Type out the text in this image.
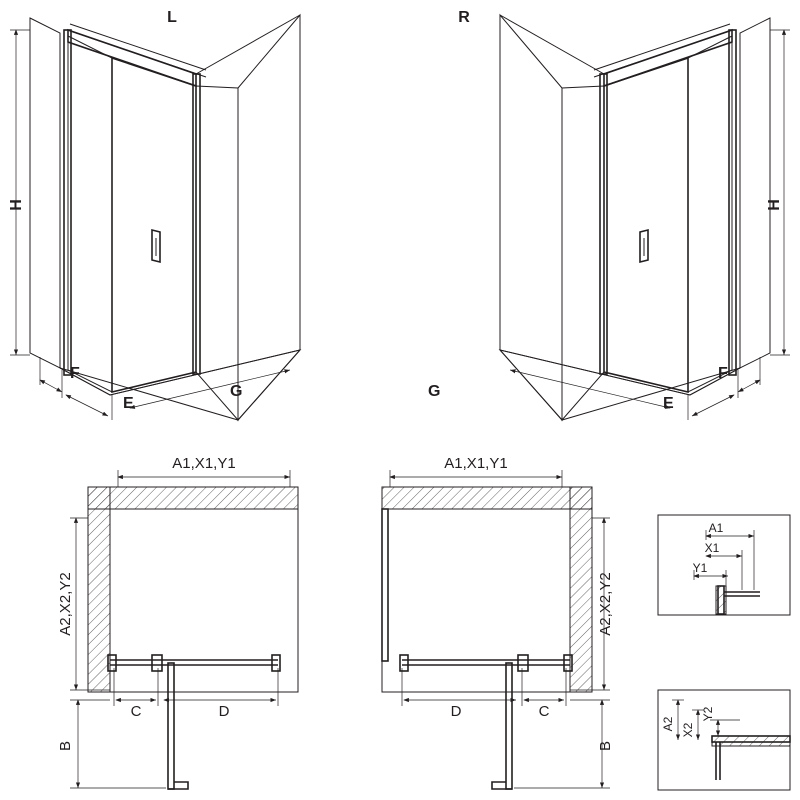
H
F
E
G
L
H
F
E
G
R
A1,X1,Y1
A2,X2,Y2
C	D
B
A1,X1,Y1
A2,X2,Y2
D	C
B
A1
X1
Y1
A2 X2
Y2
